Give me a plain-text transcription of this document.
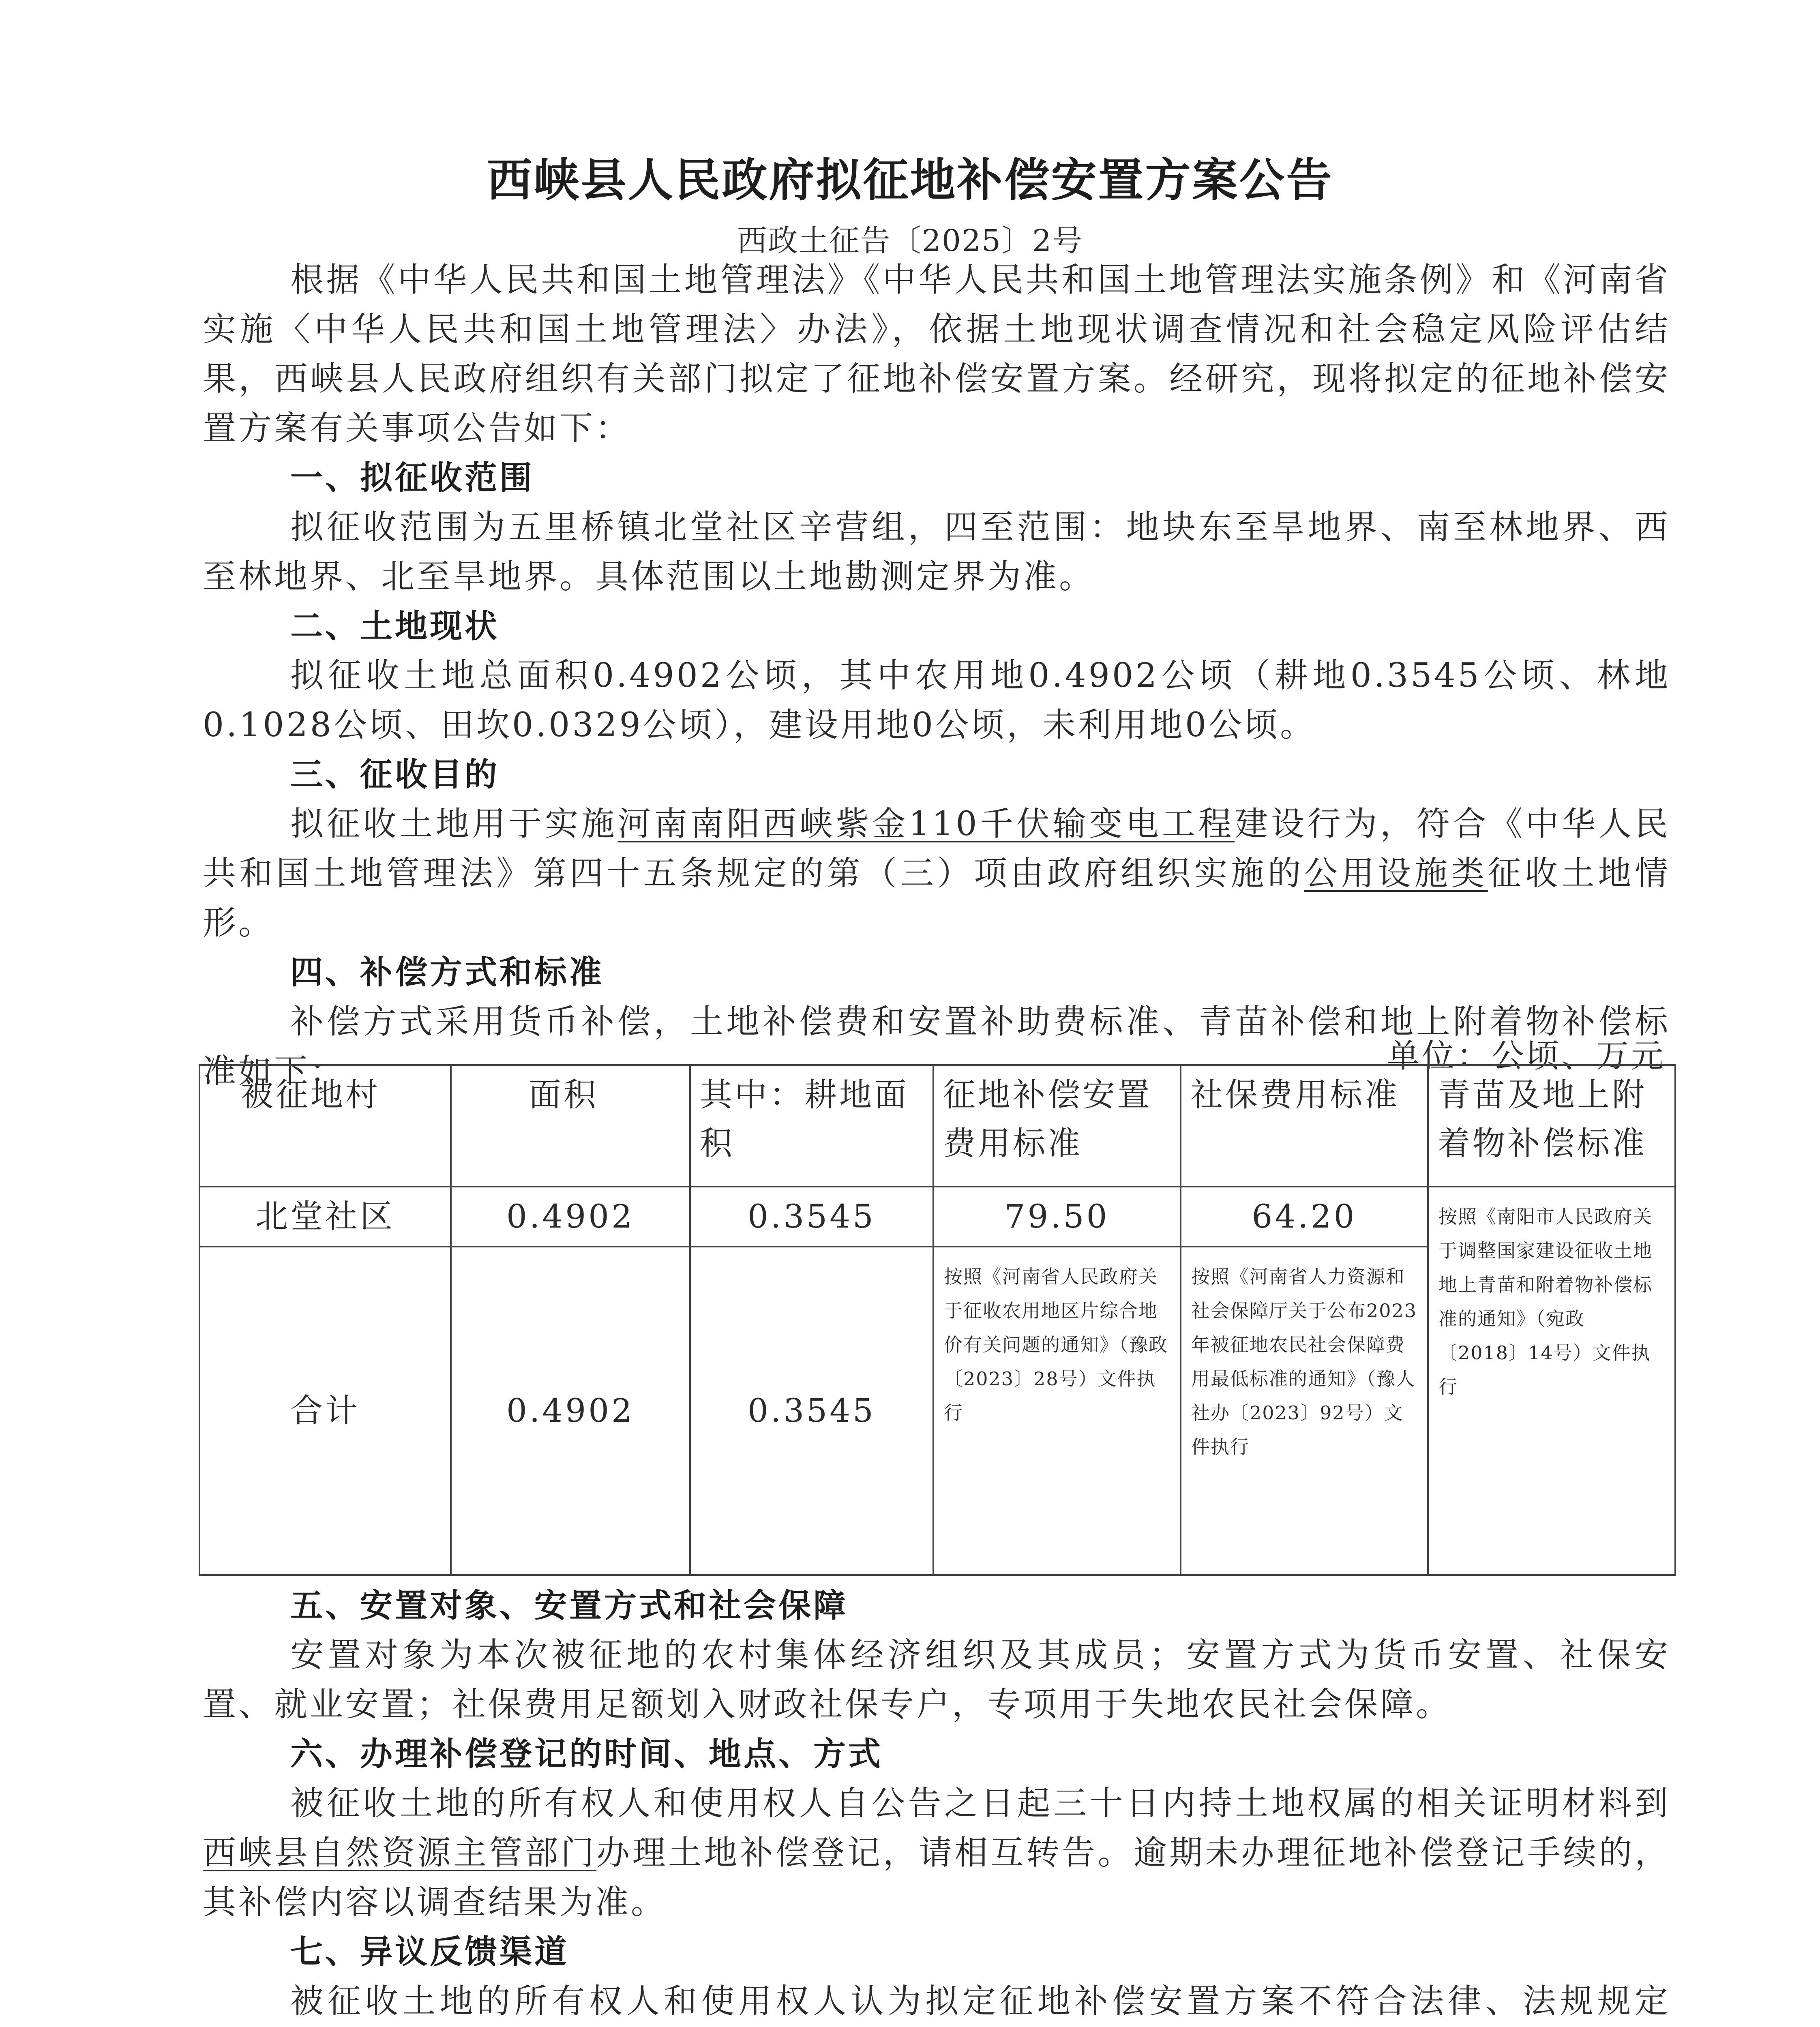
西峡县人民政府拟征地补偿安置方案公告
西政土征告〔2025〕2号

根据《中华人民共和国土地管理法》《中华人民共和国土地管理法实施条例》和《河南省实施〈中华人民共和国土地管理法〉办法》，依据土地现状调查情况和社会稳定风险评估结果，西峡县人民政府组织有关部门拟定了征地补偿安置方案。经研究，现将拟定的征地补偿安置方案有关事项公告如下：

一、拟征收范围

拟征收范围为五里桥镇北堂社区辛营组，四至范围：地块东至旱地界、南至林地界、西至林地界、北至旱地界。具体范围以土地勘测定界为准。

二、土地现状

拟征收土地总面积0.4902公顷，其中农用地0.4902公顷（耕地0.3545公顷、林地0.1028公顷、田坎0.0329公顷），建设用地0公顷，未利用地0公顷。

三、征收目的

拟征收土地用于实施河南南阳西峡紫金110千伏输变电工程建设行为，符合《中华人民共和国土地管理法》第四十五条规定的第（三）项由政府组织实施的公用设施类征收土地情形。

四、补偿方式和标准

补偿方式采用货币补偿，土地补偿费和安置补助费标准、青苗补偿和地上附着物补偿标准如下：	单位：公顷、万元
被征地村	面积	其中：耕地面积	征地补偿安置费用标准	社保费用标准	青苗及地上附着物补偿标准
北堂社区	0.4902	0.3545	79.50	64.20	按照《南阳市人民政府关于调整国家建设征收土地地上青苗和附着物补偿标准的通知》（宛政〔2018〕14号）文件执行
合计	0.4902	0.3545	按照《河南省人民政府关于征收农用地区片综合地价有关问题的通知》（豫政〔2023〕28号）文件执行	按照《河南省人力资源和社会保障厅关于公布2023年被征地农民社会保障费用最低标准的通知》（豫人社办〔2023〕92号）文件执行	
五、安置对象、安置方式和社会保障

安置对象为本次被征地的农村集体经济组织及其成员；安置方式为货币安置、社保安置、就业安置；社保费用足额划入财政社保专户，专项用于失地农民社会保障。

六、办理补偿登记的时间、地点、方式

被征收土地的所有权人和使用权人自公告之日起三十日内持土地权属的相关证明材料到西峡县自然资源主管部门办理土地补偿登记，请相互转告。逾期未办理征地补偿登记手续的，其补偿内容以调查结果为准。

七、异议反馈渠道

被征收土地的所有权人和使用权人认为拟定征地补偿安置方案不符合法律、法规规定
